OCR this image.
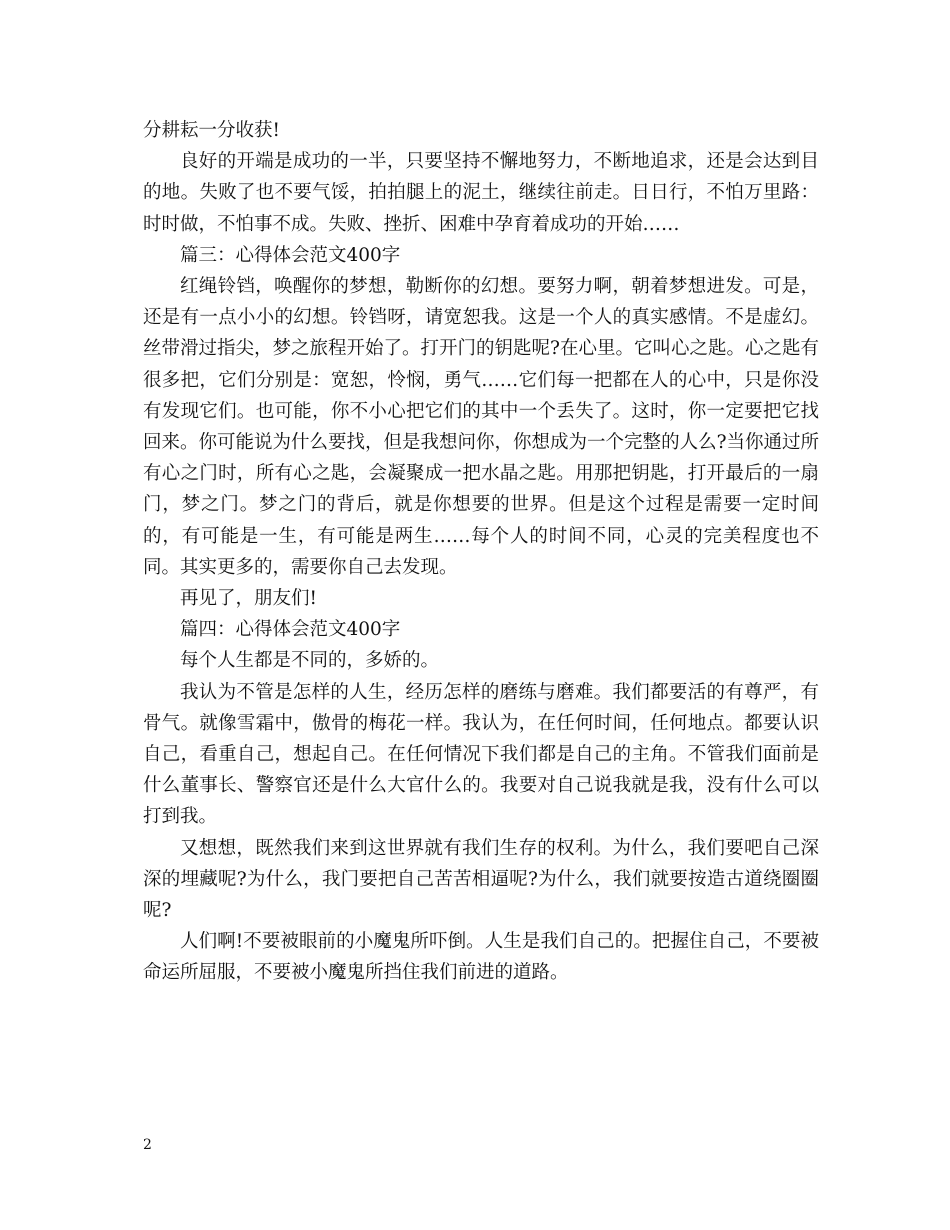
分耕耘一分收获!

良好的开端是成功的一半，只要坚持不懈地努力，不断地追求，还是会达到目的地。失败了也不要气馁，拍拍腿上的泥土，继续往前走。日日行，不怕万里路：时时做，不怕事不成。失败、挫折、困难中孕育着成功的开始……

篇三：心得体会范文400字

红绳铃铛，唤醒你的梦想，勒断你的幻想。要努力啊，朝着梦想进发。可是，还是有一点小小的幻想。铃铛呀，请宽恕我。这是一个人的真实感情。不是虚幻。丝带滑过指尖，梦之旅程开始了。打开门的钥匙呢?在心里。它叫心之匙。心之匙有很多把，它们分别是：宽恕，怜悯，勇气……它们每一把都在人的心中，只是你没有发现它们。也可能，你不小心把它们的其中一个丢失了。这时，你一定要把它找回来。你可能说为什么要找，但是我想问你，你想成为一个完整的人么?当你通过所有心之门时，所有心之匙，会凝聚成一把水晶之匙。用那把钥匙，打开最后的一扇门，梦之门。梦之门的背后，就是你想要的世界。但是这个过程是需要一定时间的，有可能是一生，有可能是两生……每个人的时间不同，心灵的完美程度也不同。其实更多的，需要你自己去发现。

再见了，朋友们!

篇四：心得体会范文400字

每个人生都是不同的，多娇的。

我认为不管是怎样的人生，经历怎样的磨练与磨难。我们都要活的有尊严，有骨气。就像雪霜中，傲骨的梅花一样。我认为，在任何时间，任何地点。都要认识自己，看重自己，想起自己。在任何情况下我们都是自己的主角。不管我们面前是什么董事长、警察官还是什么大官什么的。我要对自己说我就是我，没有什么可以打到我。

又想想，既然我们来到这世界就有我们生存的权利。为什么，我们要吧自己深深的埋藏呢?为什么，我门要把自己苦苦相逼呢?为什么，我们就要按造古道绕圈圈呢?

人们啊!不要被眼前的小魔鬼所吓倒。人生是我们自己的。把握住自己，不要被命运所屈服，不要被小魔鬼所挡住我们前进的道路。

2
